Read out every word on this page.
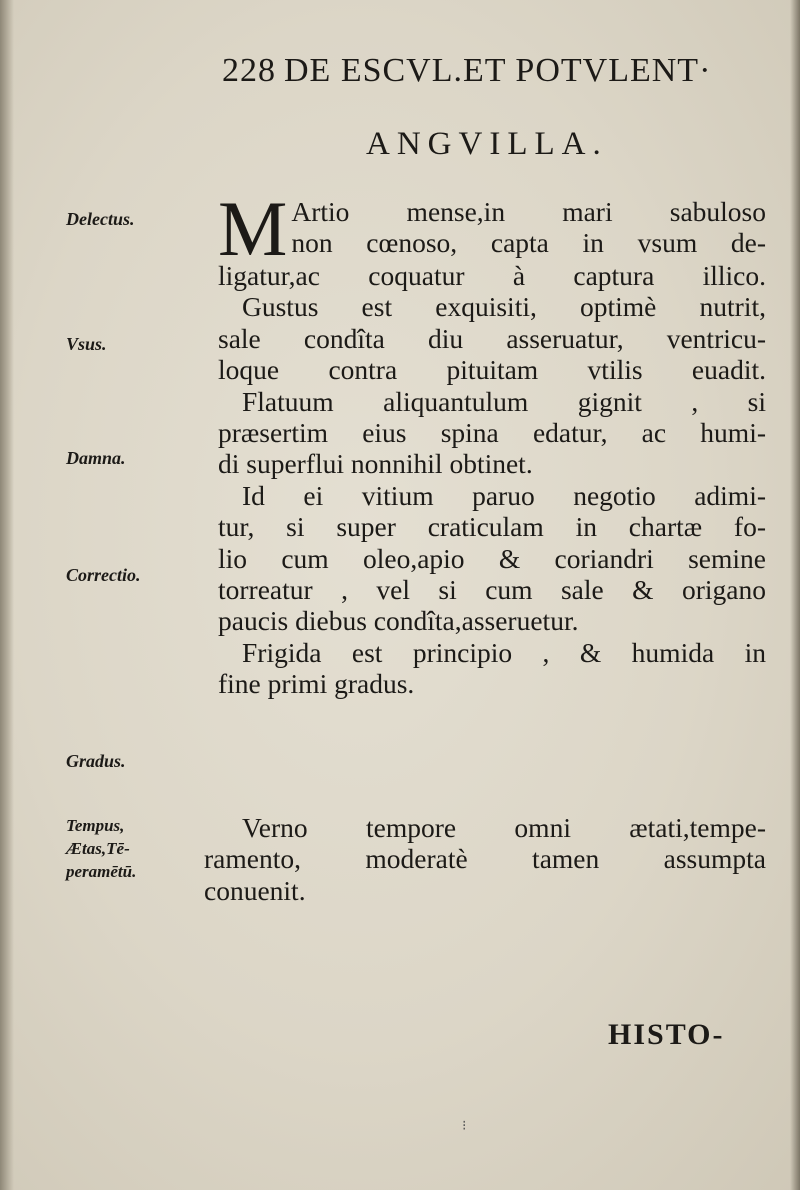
228 DE ESCVL.ET POTVLENT·
ANGVILLA.
Delectus.
Vsus.
Damna.
Correctio.
Gradus.
Tempus,
Ætas,Tē-
peramētū.
M Artio mense,in mari sabuloso
non cœnoso, capta in vsum de-
ligatur,ac coquatur à captura illico.
Gustus est exquisiti, optimè nutrit,
sale condîta diu asseruatur, ventricu-
loque contra pituitam vtilis euadit.
Flatuum aliquantulum gignit , si
præsertim eius spina edatur, ac humi-
di superflui nonnihil obtinet.
Id ei vitium paruo negotio adimi-
tur, si super craticulam in chartæ fo-
lio cum oleo,apio & coriandri semine
torreatur , vel si cum sale & origano
paucis diebus condîta,asseruetur.
Frigida est principio , & humida in
fine primi gradus.
Verno tempore omni ætati,tempe-
ramento, moderatè tamen assumpta
conuenit.
HISTO-
⁝
